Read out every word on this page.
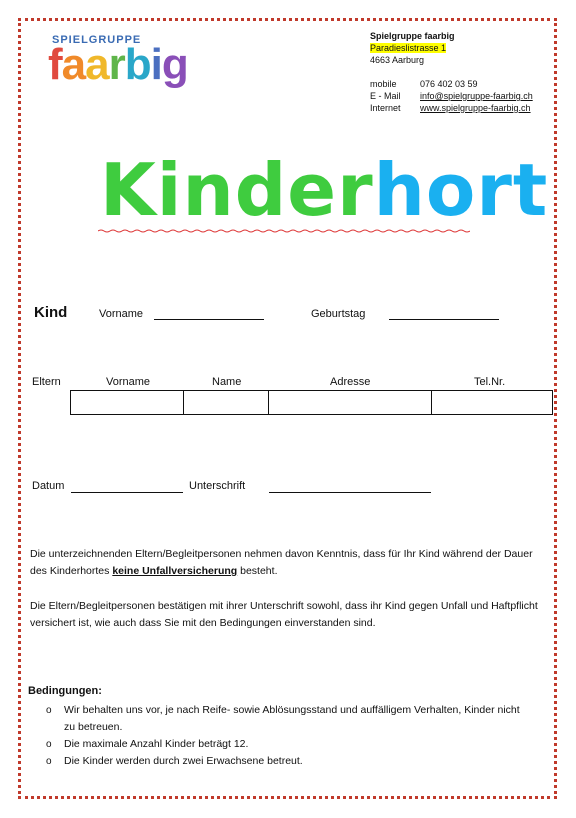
SPIELGRUPPE
faarbig
Spielgruppe faarbig
Paradieslistrasse 1
4663 Aarburg
mobile	076 402 03 59
E - Mail	info@spielgruppe-faarbig.ch
Internet	www.spielgruppe-faarbig.ch
Kinderhort
Kind	Vorname	Geburtstag
Eltern	Vorname	Name	Adresse	Tel.Nr.

Datum	Unterschrift
Die unterzeichnenden Eltern/Begleitpersonen nehmen davon Kenntnis, dass für Ihr Kind während der Dauer des Kinderhortes keine Unfallversicherung besteht.
Die Eltern/Begleitpersonen bestätigen mit ihrer Unterschrift sowohl, dass ihr Kind gegen Unfall und Haftpflicht versichert ist, wie auch dass Sie mit den Bedingungen einverstanden sind.
Bedingungen:
o Wir behalten uns vor, je nach Reife- sowie Ablösungsstand und auffälligem Verhalten, Kinder nicht zu betreuen.
o Die maximale Anzahl Kinder beträgt 12.
o Die Kinder werden durch zwei Erwachsene betreut.
